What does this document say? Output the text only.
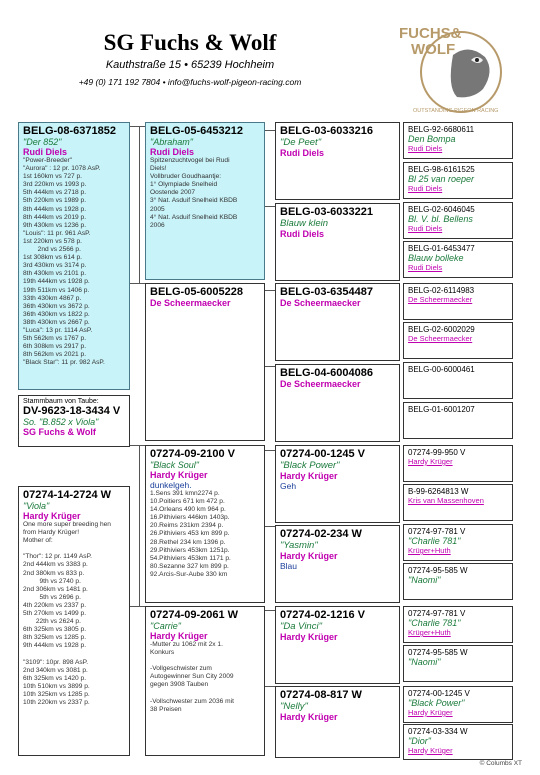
SG Fuchs & Wolf
Kauthstraße 15 • 65239 Hochheim
+49 (0) 171 192 7804 • info@fuchs-wolf-pigeon-racing.com
FUCHS&
WOLF
OUTSTANDING PIGEON RACING
BELG-08-6371852
"Der 852"
Rudi Diels
"Power-Breeder"
"Aurora" : 12 pr. 1078 AsP.
1st 160km vs 727 p.
3rd 220km vs 1993 p.
5th 444km vs 2718 p.
5th 220km vs 1989 p.
8th 444km vs 1928 p.
8th 444km vs 2019 p.
9th 430km vs 1236 p.
"Louis": 11 pr. 961 AsP.
1st 220km vs 578 p.
2nd vs 2566 p.
1st 308km vs 614 p.
3rd 430km vs 3174 p.
8th 430km vs 2101 p.
19th 444km vs 1928 p.
19th 511km vs 1406 p.
33th 430km 4867 p.
36th 430km vs 3672 p.
36th 430km vs 1822 p.
38th 430km vs 2667 p.
"Luca": 13 pr. 1114 AsP.
5th 562km vs 1767 p.
6th 308km vs 2917 p.
8th 562km vs 2021 p.
"Black Star": 11 pr. 982 AsP.
Stammbaum von Taube:
DV-9623-18-3434 V
So. "B.852 x Viola"
SG Fuchs & Wolf
07274-14-2724 W
"Viola"
Hardy Krüger
One more super breeding hen
from Hardy Krüger!
Mother of:

"Thor": 12 pr. 1149 AsP.
2nd 444km vs 3383 p.
2nd 380km vs 833 p.
9th vs 2740 p.
2nd 306km vs 1481 p.
5th vs 2696 p.
4th 220km vs 2337 p.
5th 270km vs 1499 p.
22th vs 2624 p.
6th 325km vs 3805 p.
8th 325km vs 1285 p.
9th 444km vs 1928 p.

"3109": 10pr. 898 AsP.
2nd 340km vs 3081 p.
6th 325km vs 1420 p.
10th 510km vs 3899 p.
10th 325km vs 1285 p.
10th 220km vs 2337 p.
BELG-05-6453212
"Abraham"
Rudi Diels
Spitzenzuchtvogel bei Rudi
Diels!
Vollbruder Goudhaantje:
1° Olympiade Snelheid
Oostende 2007
3° Nat. Asduif Snelheid KBDB
2005
4° Nat. Asduif Snelheid KBDB
2006
BELG-05-6005228
De Scheermaecker
07274-09-2100 V
"Black Soul"
Hardy Krüger
dunkelgeh.
1.Sens 391 kmn2274 p.
10.Poitiers 671 km 472 p.
14.Orleans 490 km 964 p.
16.Pithiviers 446km 1403p.
20.Reims 231km 2394 p.
26.Pithiviers 453 km 899 p.
28.Rethel 234 km 1396 p.
29.Pithiviers 453km 1251p.
54.Pithiviers 453km 1171 p.
80.Sezanne 327 km 899 p.
92.Arcis-Sur-Aube 330 km
07274-09-2061 W
"Carrie"
Hardy Krüger
-Mutter zu 1062 mit 2x 1.
Konkurs

-Vollgeschwister zum
Autogewinner Sun City 2009
gegen 3908 Tauben

-Vollschwester zum 2036 mit
38 Preisen
BELG-03-6033216
"De Peet"
Rudi Diels
BELG-03-6033221
Blauw klein
Rudi Diels
BELG-03-6354487
De Scheermaecker
BELG-04-6004086
De Scheermaecker
07274-00-1245 V
"Black Power"
Hardy Krüger
Geh
07274-02-234 W
"Yasmin"
Hardy Krüger
Blau
07274-02-1216 V
"Da Vinci"
Hardy Krüger
07274-08-817 W
"Nelly"
Hardy Krüger
BELG-92-6680611
Den Bompa
Rudi Diels
BELG-98-6161525
Bl 25 van roeper
Rudi Diels
BELG-02-6046045
Bl. V. bl. Bellens
Rudi Diels
BELG-01-6453477
Blauw bolleke
Rudi Diels
BELG-02-6114983
De Scheermaecker
BELG-02-6002029
De Scheermaecker
BELG-00-6000461
BELG-01-6001207
07274-99-950 V
Hardy Krüger
B-99-6264813 W
Kris van Massenhoven
07274-97-781 V
"Charlie 781"
Krüger+Huth
07274-95-585 W
"Naomi"
07274-97-781 V
"Charlie 781"
Krüger+Huth
07274-95-585 W
"Naomi"
07274-00-1245 V
"Black Power"
Hardy Krüger
07274-03-334 W
"Dior"
Hardy Krüger
© Columbs XT
